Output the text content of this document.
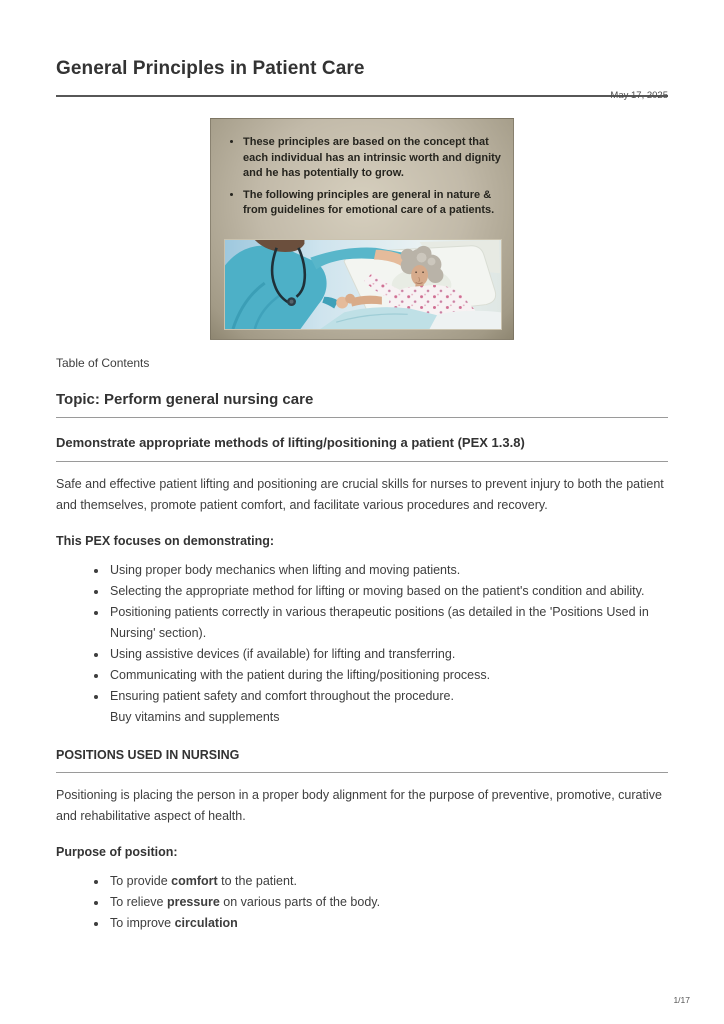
General Principles in Patient Care
May 17, 2025
• These principles are based on the concept that each individual has an intrinsic worth and dignity and he has potentially to grow.
• The following principles are general in nature & from guidelines for emotional care of a patients.

Table of Contents

Topic: Perform general nursing care
Demonstrate appropriate methods of lifting/positioning a patient (PEX 1.3.8)

Safe and effective patient lifting and positioning are crucial skills for nurses to prevent injury to both the patient and themselves, promote patient comfort, and facilitate various procedures and recovery.

This PEX focuses on demonstrating:

• Using proper body mechanics when lifting and moving patients.
• Selecting the appropriate method for lifting or moving based on the patient's condition and ability.
• Positioning patients correctly in various therapeutic positions (as detailed in the 'Positions Used in Nursing' section).
• Using assistive devices (if available) for lifting and transferring.
• Communicating with the patient during the lifting/positioning process.
• Ensuring patient safety and comfort throughout the procedure.
Buy vitamins and supplements
POSITIONS USED IN NURSING

Positioning is placing the person in a proper body alignment for the purpose of preventive, promotive, curative and rehabilitative aspect of health.

Purpose of position:

• To provide comfort to the patient.
• To relieve pressure on various parts of the body.
• To improve circulation
1/17
